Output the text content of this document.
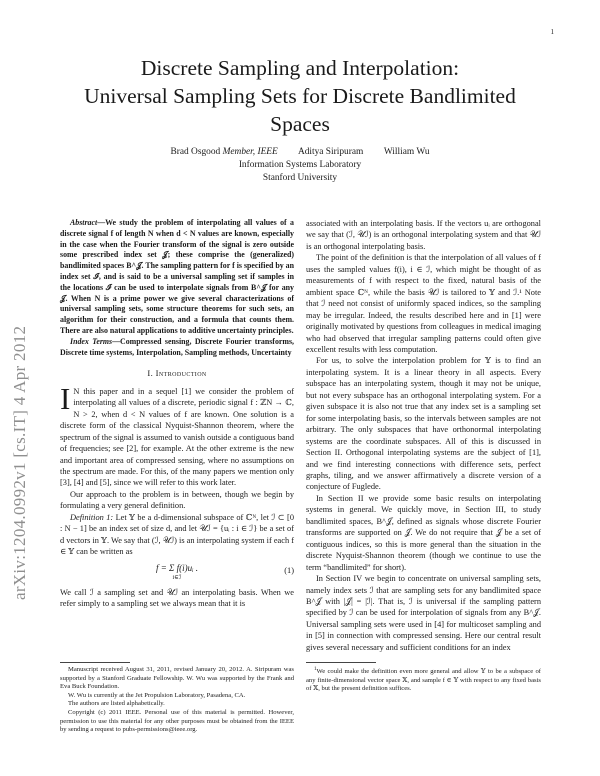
1
arXiv:1204.0992v1 [cs.IT] 4 Apr 2012
Discrete Sampling and Interpolation:
Universal Sampling Sets for Discrete Bandlimited
Spaces
Brad Osgood Member, IEEE Aditya Siripuram William Wu
Information Systems Laboratory
Stanford University

Abstract—We study the problem of interpolating all values of a discrete signal f of length N when d < N values are known, especially in the case when the Fourier transform of the signal is zero outside some prescribed index set 𝒥; these comprise the (generalized) bandlimited spaces B^𝒥. The sampling pattern for f is specified by an index set ℐ, and is said to be a universal sampling set if samples in the locations ℐ can be used to interpolate signals from B^𝒥 for any 𝒥. When N is a prime power we give several characterizations of universal sampling sets, some structure theorems for such sets, an algorithm for their construction, and a formula that counts them. There are also natural applications to additive uncertainty principles.

Index Terms—Compressed sensing, Discrete Fourier transforms, Discrete time systems, Interpolation, Sampling methods, Uncertainty

I. Introduction

I N this paper and in a sequel [1] we consider the problem of interpolating all values of a discrete, periodic signal f : ℤN → ℂ, N > 2, when d < N values of f are known. One solution is a discrete form of the classical Nyquist-Shannon theorem, where the spectrum of the signal is assumed to vanish outside a contiguous band of frequencies; see [2], for example. At the other extreme is the new and important area of compressed sensing, where no assumptions on the spectrum are made. For this, of the many papers we mention only [3], [4] and [5], since we will refer to this work later.

Our approach to the problem is in between, though we begin by formulating a very general definition.

Definition 1: Let 𝕐 be a d-dimensional subspace of ℂᴺ, let ℐ ⊂ [0 : N − 1] be an index set of size d, and let 𝒰ℐ = {uᵢ : i ∈ ℐ} be a set of d vectors in 𝕐. We say that (ℐ, 𝒰ℐ) is an interpolating system if each f ∈ 𝕐 can be written as

f = Σ f(i)uᵢ .
i∈ℐ
(1)

We call ℐ a sampling set and 𝒰ℐ an interpolating basis. When we refer simply to a sampling set we always mean that it is

associated with an interpolating basis. If the vectors uᵢ are orthogonal we say that (ℐ, 𝒰ℐ) is an orthogonal interpolating system and that 𝒰ℐ is an orthogonal interpolating basis.

The point of the definition is that the interpolation of all values of f uses the sampled values f(i), i ∈ ℐ, which might be thought of as measurements of f with respect to the fixed, natural basis of the ambient space ℂᴺ, while the basis 𝒰ℐ is tailored to 𝕐 and ℐ.¹ Note that ℐ need not consist of uniformly spaced indices, so the sampling may be irregular. Indeed, the results described here and in [1] were originally motivated by questions from colleagues in medical imaging who had observed that irregular sampling patterns could often give excellent results with less computation.

For us, to solve the interpolation problem for 𝕐 is to find an interpolating system. It is a linear theory in all aspects. Every subspace has an interpolating system, though it may not be unique, but not every subspace has an orthogonal interpolating system. For a given subspace it is also not true that any index set is a sampling set for some interpolating basis, so the intervals between samples are not arbitrary. The only subspaces that have orthonormal interpolating systems are the coordinate subspaces. All of this is discussed in Section II. Orthogonal interpolating systems are the subject of [1], and we find interesting connections with difference sets, perfect graphs, tiling, and we answer affirmatively a discrete version of a conjecture of Fuglede.

In Section II we provide some basic results on interpolating systems in general. We quickly move, in Section III, to study bandlimited spaces, B^𝒥, defined as signals whose discrete Fourier transforms are supported on 𝒥. We do not require that 𝒥 be a set of contiguous indices, so this is more general than the situation in the discrete Nyquist-Shannon theorem (though we continue to use the term “bandlimited” for short).

In Section IV we begin to concentrate on universal sampling sets, namely index sets ℐ that are sampling sets for any bandlimited space B^𝒥 with |𝒥| = |ℐ|. That is, ℐ is universal if the sampling pattern specified by ℐ can be used for interpolation of signals from any B^𝒥. Universal sampling sets were used in [4] for multicoset sampling and in [5] in connection with compressed sensing. Here our central result gives several necessary and sufficient conditions for an index

Manuscript received August 31, 2011, revised January 20, 2012. A. Siripuram was supported by a Stanford Graduate Fellowship. W. Wu was supported by the Frank and Eva Buck Foundation.

W. Wu is currently at the Jet Propulsion Laboratory, Pasadena, CA.

The authors are listed alphabetically.

Copyright (c) 2011 IEEE. Personal use of this material is permitted. However, permission to use this material for any other purposes must be obtained from the IEEE by sending a request to pubs-permissions@ieee.org.

$^1$We could make the definition even more general and allow 𝕐 to be a subspace of any finite-dimensional vector space 𝕏, and sample f ∈ 𝕐 with respect to any fixed basis of 𝕏, but the present definition suffices.
